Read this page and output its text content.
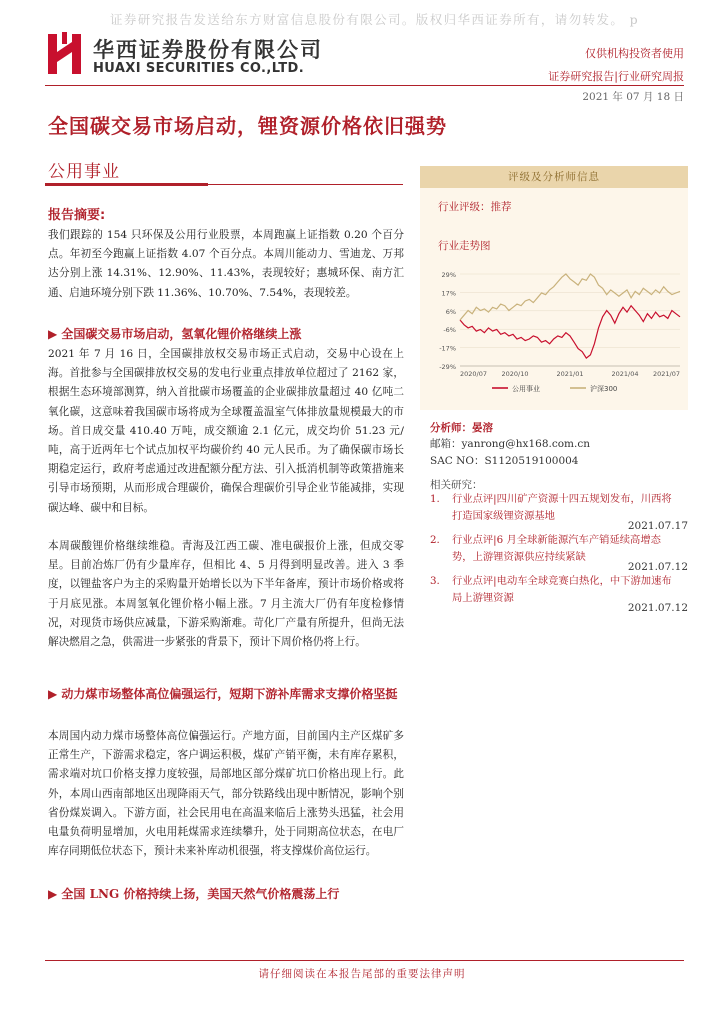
证券研究报告发送给东方财富信息股份有限公司。版权归华西证券所有，请勿转发。 p
华西证券股份有限公司
HUAXI SECURITIES CO.,LTD.
仅供机构投资者使用
证券研究报告|行业研究周报
2021 年 07 月 18 日
全国碳交易市场启动，锂资源价格依旧强势
公用事业
报告摘要:
我们跟踪的 154 只环保及公用行业股票，本周跑赢上证指数 0.20 个百分点。年初至今跑赢上证指数 4.07 个百分点。本周川能动力、雪迪龙、万邦达分别上涨 14.31%、12.90%、11.43%，表现较好；惠城环保、南方汇通、启迪环境分别下跌 11.36%、10.70%、7.54%，表现较差。
▶ 全国碳交易市场启动，氢氧化锂价格继续上涨
2021 年 7 月 16 日，全国碳排放权交易市场正式启动，交易中心设在上海。首批参与全国碳排放权交易的发电行业重点排放单位超过了 2162 家，根据生态环境部测算，纳入首批碳市场覆盖的企业碳排放量超过 40 亿吨二氧化碳，这意味着我国碳市场将成为全球覆盖温室气体排放量规模最大的市场。首日成交量 410.40 万吨，成交额逾 2.1 亿元，成交均价 51.23 元/吨，高于近两年七个试点加权平均碳价约 40 元人民币。为了确保碳市场长期稳定运行，政府考虑通过改进配额分配方法、引入抵消机制等政策措施来引导市场预期，从而形成合理碳价，确保合理碳价引导企业节能减排，实现碳达峰、碳中和目标。
本周碳酸锂价格继续维稳。青海及江西工碳、准电碳报价上涨，但成交零星。目前冶炼厂仍有少量库存，但相比 4、5 月得到明显改善。进入 3 季度，以锂盐客户为主的采购量开始增长以为下半年备库，预计市场价格或将于月底见涨。本周氢氧化锂价格小幅上涨。7 月主流大厂仍有年度检修情况，对现货市场供应减量，下游采购渐难。苛化厂产量有所提升，但尚无法解决燃眉之急，供需进一步紧张的背景下，预计下周价格仍将上行。
▶ 动力煤市场整体高位偏强运行，短期下游补库需求支撑价格坚挺
本周国内动力煤市场整体高位偏强运行。产地方面，目前国内主产区煤矿多正常生产，下游需求稳定，客户调运积极，煤矿产销平衡，未有库存累积，需求端对坑口价格支撑力度较强，局部地区部分煤矿坑口价格出现上行。此外，本周山西南部地区出现降雨天气，部分铁路线出现中断情况，影响个别省份煤炭调入。下游方面，社会民用电在高温来临后上涨势头迅猛，社会用电量负荷明显增加，火电用耗煤需求连续攀升，处于同期高位状态，在电厂库存同期低位状态下，预计未来补库动机很强，将支撑煤价高位运行。
▶ 全国 LNG 价格持续上扬，美国天然气价格震荡上行
评级及分析师信息
行业评级：推荐
行业走势图
29%
17%
6%
-6%
-17%
-29%
2020/07 2020/10	2021/01	2021/04 2021/07
公用事业	沪深300
分析师：晏溶
邮箱：yanrong@hx168.com.cn
SAC NO：S1120519100004
相关研究：
1. 行业点评|四川矿产资源十四五规划发布，川西将打造国家级锂资源基地
2021.07.17
2. 行业点评|6 月全球新能源汽车产销延续高增态势，上游锂资源供应持续紧缺
2021.07.12
3. 行业点评|电动车全球竞赛白热化，中下游加速布局上游锂资源
2021.07.12
请仔细阅读在本报告尾部的重要法律声明
